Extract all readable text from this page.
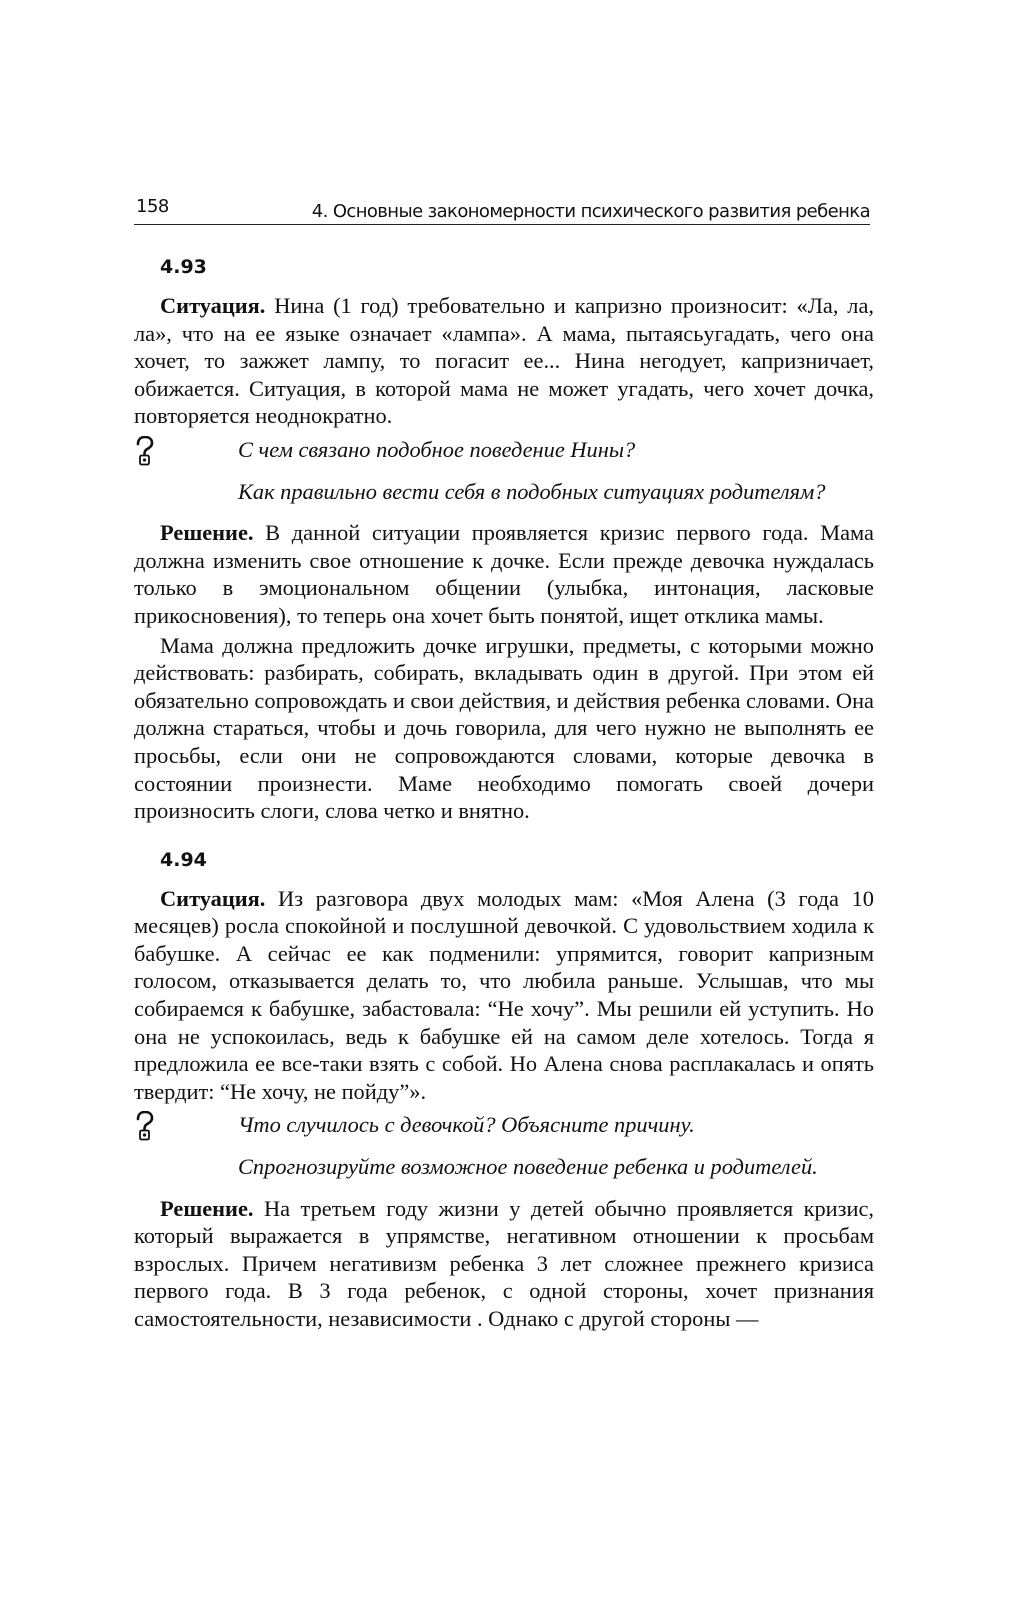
158	4. Основные закономерности психического развития ребенка
4.93

Ситуация. Нина (1 год) требовательно и капризно произносит: «Ла, ла, ла», что на ее языке означает «лампа». А мама, пытаясьугадать, чего она хочет, то зажжет лампу, то погасит ее... Нина негодует, капризничает, обижается. Ситуация, в которой мама не может угадать, чего хочет дочка, повторяется неоднократно.

С чем связано подобное поведение Нины?
Как правильно вести себя в подобных ситуациях родителям?

Решение. В данной ситуации проявляется кризис первого года. Мама должна изменить свое отношение к дочке. Если прежде девочка нуждалась только в эмоциональном общении (улыбка, интонация, ласковые прикосновения), то теперь она хочет быть понятой, ищет отклика мамы.

Мама должна предложить дочке игрушки, предметы, с которыми можно действовать: разбирать, собирать, вкладывать один в другой. При этом ей обязательно сопровождать и свои действия, и действия ребенка словами. Она должна стараться, чтобы и дочь говорила, для чего нужно не выполнять ее просьбы, если они не сопровождаются словами, которые девочка в состоянии произнести. Маме необходимо помогать своей дочери произносить слоги, слова четко и внятно.

4.94

Ситуация. Из разговора двух молодых мам: «Моя Алена (3 года 10 месяцев) росла спокойной и послушной девочкой. С удовольствием ходила к бабушке. А сейчас ее как подменили: упрямится, говорит капризным голосом, отказывается делать то, что любила раньше. Услышав, что мы собираемся к бабушке, забастовала: “Не хочу”. Мы решили ей уступить. Но она не успокоилась, ведь к бабушке ей на самом деле хотелось. Тогда я предложила ее все-таки взять с собой. Но Алена снова расплакалась и опять твердит: “Не хочу, не пойду”».

Что случилось с девочкой? Объясните причину.
Спрогнозируйте возможное поведение ребенка и родителей.

Решение. На третьем году жизни у детей обычно проявляется кризис, который выражается в упрямстве, негативном отношении к просьбам взрослых. Причем негативизм ребенка 3 лет сложнее прежнего кризиса первого года. В 3 года ребенок, с одной стороны, хочет признания самостоятельности, независимости . Однако с другой стороны —
